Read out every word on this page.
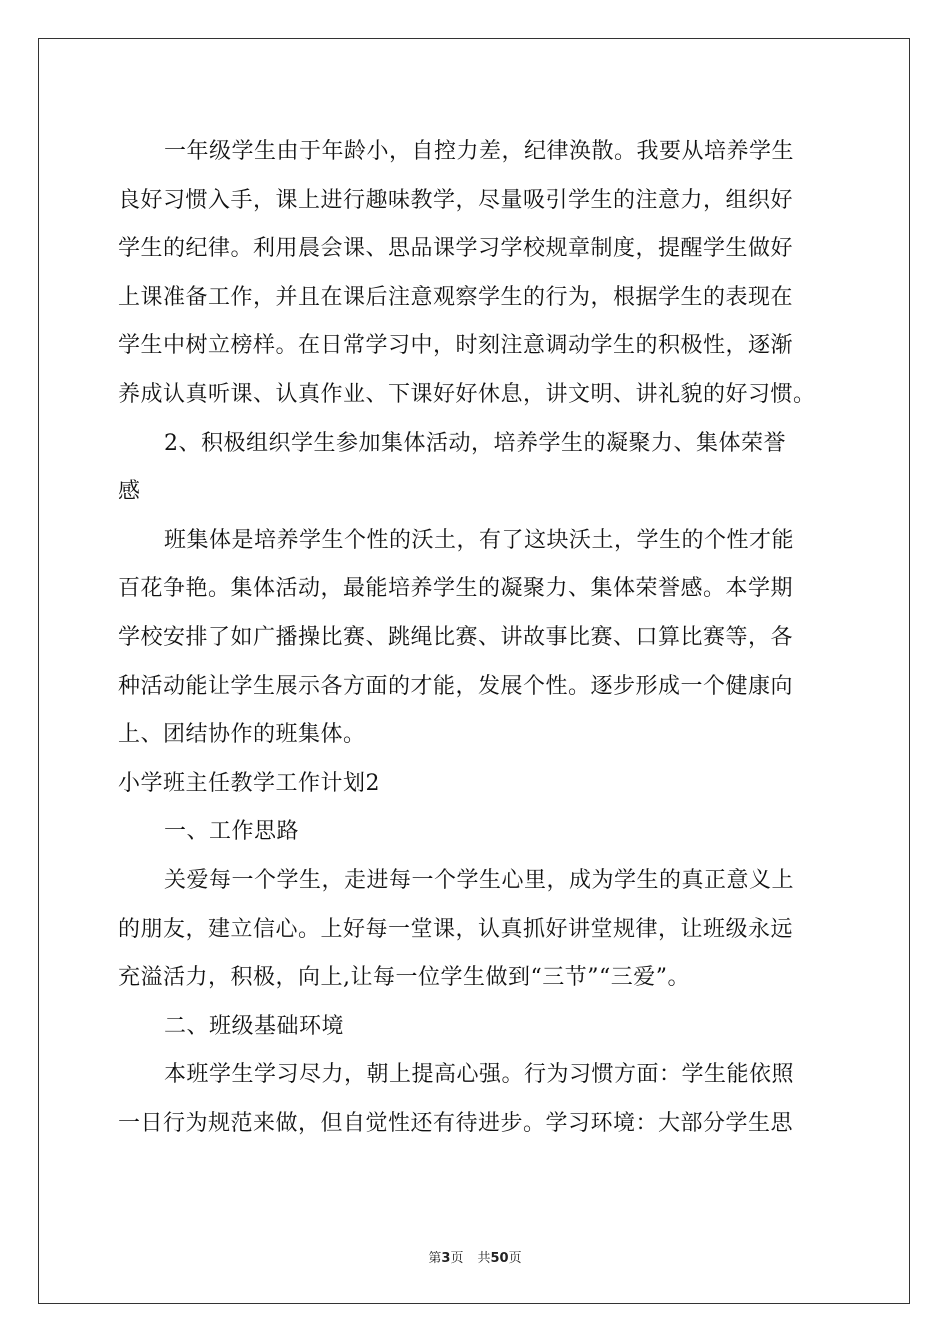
一年级学生由于年龄小，自控力差，纪律涣散。我要从培养学生
良好习惯入手，课上进行趣味教学，尽量吸引学生的注意力，组织好
学生的纪律。利用晨会课、思品课学习学校规章制度，提醒学生做好
上课准备工作，并且在课后注意观察学生的行为，根据学生的表现在
学生中树立榜样。在日常学习中，时刻注意调动学生的积极性，逐渐
养成认真听课、认真作业、下课好好休息，讲文明、讲礼貌的好习惯。
2、积极组织学生参加集体活动，培养学生的凝聚力、集体荣誉
感
班集体是培养学生个性的沃土，有了这块沃土，学生的个性才能
百花争艳。集体活动，最能培养学生的凝聚力、集体荣誉感。本学期
学校安排了如广播操比赛、跳绳比赛、讲故事比赛、口算比赛等，各
种活动能让学生展示各方面的才能，发展个性。逐步形成一个健康向
上、团结协作的班集体。
小学班主任教学工作计划2
一、工作思路
关爱每一个学生，走进每一个学生心里，成为学生的真正意义上
的朋友，建立信心。上好每一堂课，认真抓好讲堂规律，让班级永远
充溢活力，积极，向上,让每一位学生做到“三节”“三爱”。
二、班级基础环境
本班学生学习尽力，朝上提高心强。行为习惯方面：学生能依照
一日行为规范来做，但自觉性还有待进步。学习环境：大部分学生思
第3页 共50页
